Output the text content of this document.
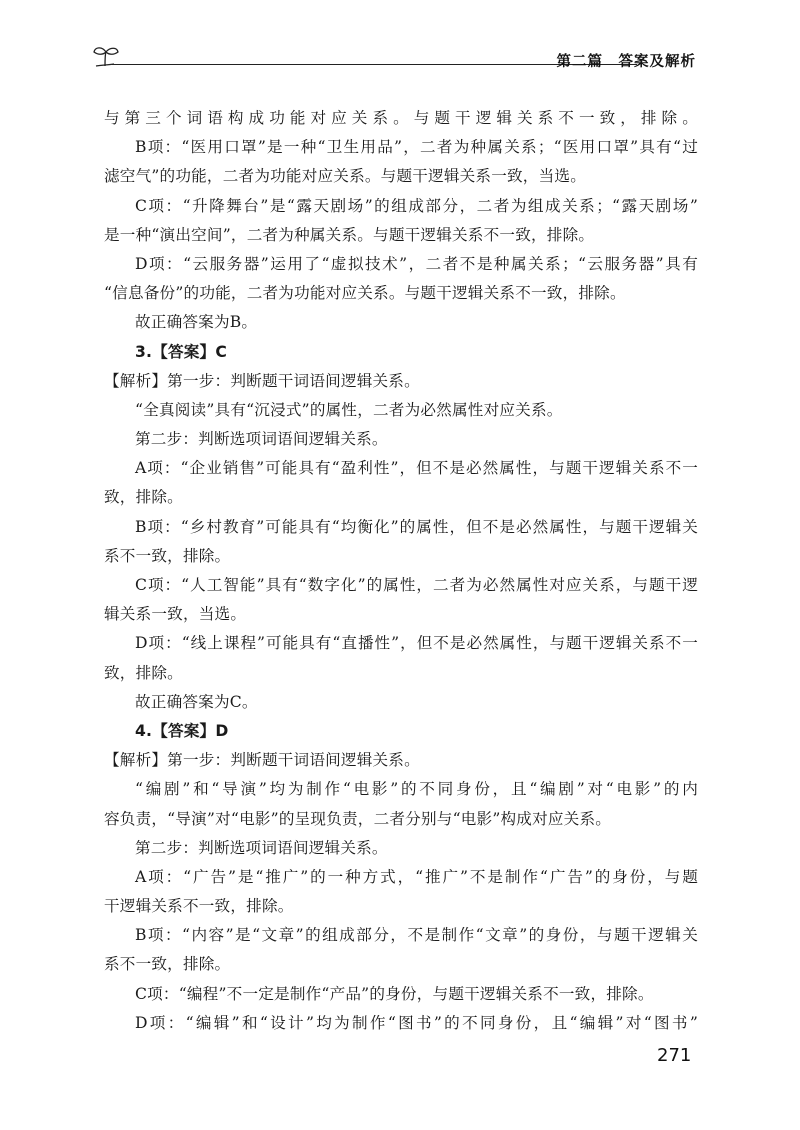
第二篇　答案及解析
与第三个词语构成功能对应关系。与题干逻辑关系不一致，排除。
B项：“医用口罩”是一种“卫生用品”，二者为种属关系；“医用口罩”具有“过
滤空气”的功能，二者为功能对应关系。与题干逻辑关系一致，当选。
C项：“升降舞台”是“露天剧场”的组成部分，二者为组成关系；“露天剧场”
是一种“演出空间”，二者为种属关系。与题干逻辑关系不一致，排除。
D项：“云服务器”运用了“虚拟技术”，二者不是种属关系；“云服务器”具有
“信息备份”的功能，二者为功能对应关系。与题干逻辑关系不一致，排除。
故正确答案为B。
3.【答案】C
【解析】第一步：判断题干词语间逻辑关系。
“全真阅读”具有“沉浸式”的属性，二者为必然属性对应关系。
第二步：判断选项词语间逻辑关系。
A项：“企业销售”可能具有“盈利性”，但不是必然属性，与题干逻辑关系不一
致，排除。
B项：“乡村教育”可能具有“均衡化”的属性，但不是必然属性，与题干逻辑关
系不一致，排除。
C项：“人工智能”具有“数字化”的属性，二者为必然属性对应关系，与题干逻
辑关系一致，当选。
D项：“线上课程”可能具有“直播性”，但不是必然属性，与题干逻辑关系不一
致，排除。
故正确答案为C。
4.【答案】D
【解析】第一步：判断题干词语间逻辑关系。
“编剧”和“导演”均为制作“电影”的不同身份，且“编剧”对“电影”的内
容负责，“导演”对“电影”的呈现负责，二者分别与“电影”构成对应关系。
第二步：判断选项词语间逻辑关系。
A项：“广告”是“推广”的一种方式，“推广”不是制作“广告”的身份，与题
干逻辑关系不一致，排除。
B项：“内容”是“文章”的组成部分，不是制作“文章”的身份，与题干逻辑关
系不一致，排除。
C项：“编程”不一定是制作“产品”的身份，与题干逻辑关系不一致，排除。
D项：“编辑”和“设计”均为制作“图书”的不同身份，且“编辑”对“图书”
271
